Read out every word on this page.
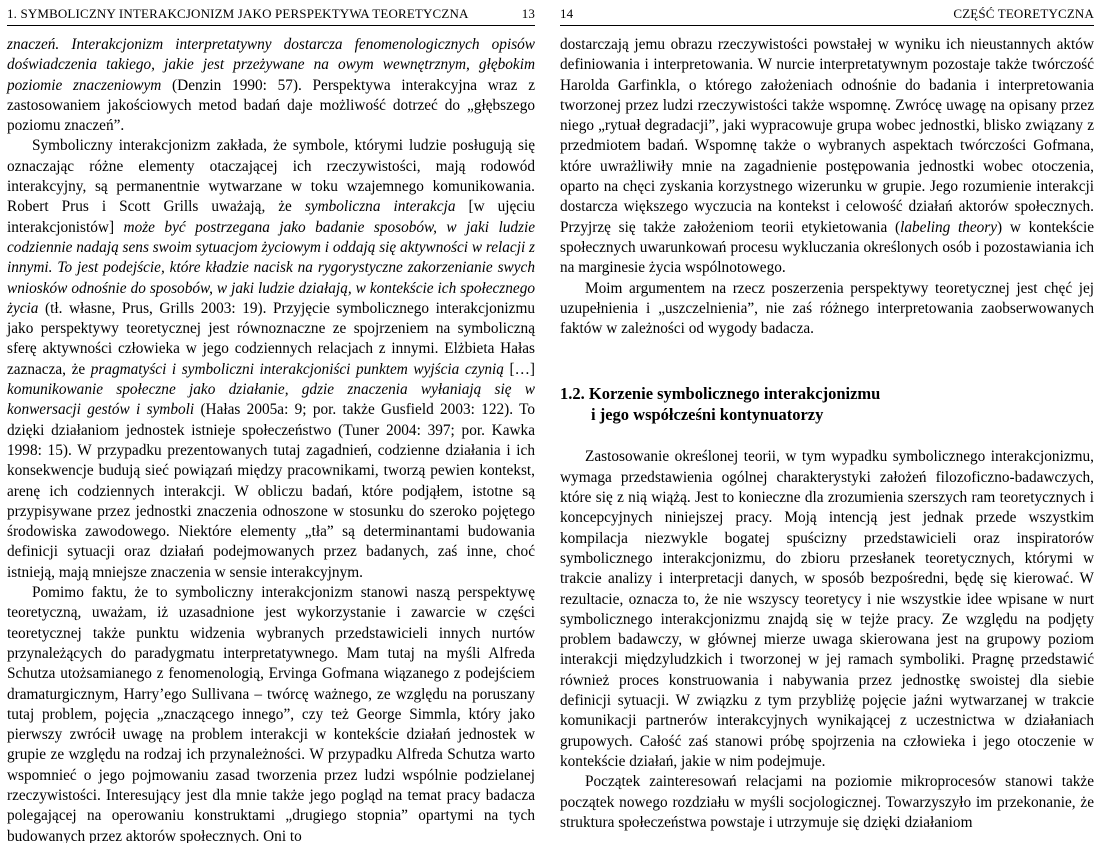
1. SYMBOLICZNY INTERAKCJONIZM JAKO PERSPEKTYWA TEORETYCZNA	13

znaczeń. Interakcjonizm interpretatywny dostarcza fenomenologicznych opisów doświadczenia takiego, jakie jest przeżywane na owym wewnętrznym, głębokim poziomie znaczeniowym (Denzin 1990: 57). Perspektywa interakcyjna wraz z zastosowaniem jakościowych metod badań daje możliwość dotrzeć do „głębszego poziomu znaczeń”.

Symboliczny interakcjonizm zakłada, że symbole, którymi ludzie posługują się oznaczając różne elementy otaczającej ich rzeczywistości, mają rodowód interakcyjny, są permanentnie wytwarzane w toku wzajemnego komunikowania. Robert Prus i Scott Grills uważają, że symboliczna interakcja [w ujęciu interakcjonistów] może być postrzegana jako badanie sposobów, w jaki ludzie codziennie nadają sens swoim sytuacjom życiowym i oddają się aktywności w relacji z innymi. To jest podejście, które kładzie nacisk na rygorystyczne zakorzenianie swych wniosków odnośnie do sposobów, w jaki ludzie działają, w kontekście ich społecznego życia (tł. własne, Prus, Grills 2003: 19). Przyjęcie symbolicznego interakcjonizmu jako perspektywy teoretycznej jest równoznaczne ze spojrzeniem na symboliczną sferę aktywności człowieka w jego codziennych relacjach z innymi. Elżbieta Hałas zaznacza, że pragmatyści i symboliczni interakcjoniści punktem wyjścia czynią […] komunikowanie społeczne jako działanie, gdzie znaczenia wyłaniają się w konwersacji gestów i symboli (Hałas 2005a: 9; por. także Gusfield 2003: 122). To dzięki działaniom jednostek istnieje społeczeństwo (Tuner 2004: 397; por. Kawka 1998: 15). W przypadku prezentowanych tutaj zagadnień, codzienne działania i ich konsekwencje budują sieć powiązań między pracownikami, tworzą pewien kontekst, arenę ich codziennych interakcji. W obliczu badań, które podjąłem, istotne są przypisywane przez jednostki znaczenia odnoszone w stosunku do szeroko pojętego środowiska zawodowego. Niektóre elementy „tła” są determinantami budowania definicji sytuacji oraz działań podejmowanych przez badanych, zaś inne, choć istnieją, mają mniejsze znaczenia w sensie interakcyjnym.

Pomimo faktu, że to symboliczny interakcjonizm stanowi naszą perspektywę teoretyczną, uważam, iż uzasadnione jest wykorzystanie i zawarcie w części teoretycznej także punktu widzenia wybranych przedstawicieli innych nurtów przynależących do paradygmatu interpretatywnego. Mam tutaj na myśli Alfreda Schutza utożsamianego z fenomenologią, Ervinga Gofmana wiązanego z podejściem dramaturgicznym, Harry’ego Sullivana – twórcę ważnego, ze względu na poruszany tutaj problem, pojęcia „znaczącego innego”, czy też George Simmla, który jako pierwszy zwrócił uwagę na problem interakcji w kontekście działań jednostek w grupie ze względu na rodzaj ich przynależności. W przypadku Alfreda Schutza warto wspomnieć o jego pojmowaniu zasad tworzenia przez ludzi wspólnie podzielanej rzeczywistości. Interesujący jest dla mnie także jego pogląd na temat pracy badacza polegającej na operowaniu konstruktami „drugiego stopnia” opartymi na tych budowanych przez aktorów społecznych. Oni to

14	CZĘŚĆ TEORETYCZNA

dostarczają jemu obrazu rzeczywistości powstałej w wyniku ich nieustannych aktów definiowania i interpretowania. W nurcie interpretatywnym pozostaje także twórczość Harolda Garfinkla, o którego założeniach odnośnie do badania i interpretowania tworzonej przez ludzi rzeczywistości także wspomnę. Zwrócę uwagę na opisany przez niego „rytuał degradacji”, jaki wypracowuje grupa wobec jednostki, blisko związany z przedmiotem badań. Wspomnę także o wybranych aspektach twórczości Gofmana, które uwrażliwiły mnie na zagadnienie postępowania jednostki wobec otoczenia, oparto na chęci zyskania korzystnego wizerunku w grupie. Jego rozumienie interakcji dostarcza większego wyczucia na kontekst i celowość działań aktorów społecznych. Przyjrzę się także założeniom teorii etykietowania (labeling theory) w kontekście społecznych uwarunkowań procesu wykluczania określonych osób i pozostawiania ich na marginesie życia wspólnotowego.

Moim argumentem na rzecz poszerzenia perspektywy teoretycznej jest chęć jej uzupełnienia i „uszczelnienia”, nie zaś różnego interpretowania zaobserwowanych faktów w zależności od wygody badacza.

1.2. Korzenie symbolicznego interakcjonizmu
i jego współcześni kontynuatorzy

Zastosowanie określonej teorii, w tym wypadku symbolicznego interakcjonizmu, wymaga przedstawienia ogólnej charakterystyki założeń filozoficzno-badawczych, które się z nią wiążą. Jest to konieczne dla zrozumienia szerszych ram teoretycznych i koncepcyjnych niniejszej pracy. Moją intencją jest jednak przede wszystkim kompilacja niezwykle bogatej spuścizny przedstawicieli oraz inspiratorów symbolicznego interakcjonizmu, do zbioru przesłanek teoretycznych, którymi w trakcie analizy i interpretacji danych, w sposób bezpośredni, będę się kierować. W rezultacie, oznacza to, że nie wszyscy teoretycy i nie wszystkie idee wpisane w nurt symbolicznego interakcjonizmu znajdą się w tejże pracy. Ze względu na podjęty problem badawczy, w głównej mierze uwaga skierowana jest na grupowy poziom interakcji międzyludzkich i tworzonej w jej ramach symboliki. Pragnę przedstawić również proces konstruowania i nabywania przez jednostkę swoistej dla siebie definicji sytuacji. W związku z tym przybliżę pojęcie jaźni wytwarzanej w trakcie komunikacji partnerów interakcyjnych wynikającej z uczestnictwa w działaniach grupowych. Całość zaś stanowi próbę spojrzenia na człowieka i jego otoczenie w kontekście działań, jakie w nim podejmuje.

Początek zainteresowań relacjami na poziomie mikroprocesów stanowi także początek nowego rozdziału w myśli socjologicznej. Towarzyszyło im przekonanie, że struktura społeczeństwa powstaje i utrzymuje się dzięki działaniom
